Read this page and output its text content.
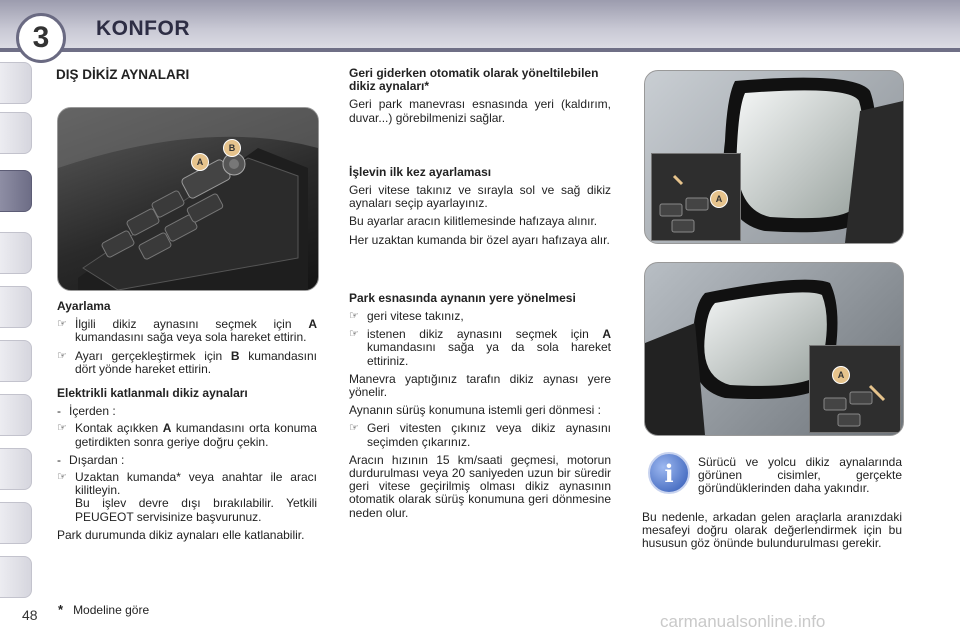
3 KONFOR
DIŞ DİKİZ AYNALARI
A
B
A
A
Ayarlama
☞ İlgili dikiz aynasını seçmek için A kumandasını sağa veya sola hareket ettirin.
☞ Ayarı gerçekleştirmek için B kumandasını dört yönde hareket ettirin.
Elektrikli katlanmalı dikiz aynaları
- İçerden :
☞ Kontak açıkken A kumandasını orta konuma getirdikten sonra geriye doğru çekin.
- Dışardan :
☞ Uzaktan kumanda* veya anahtar ile aracı kilitleyin.
Bu işlev devre dışı bırakılabilir. Yetkili PEUGEOT servisinize başvurunuz.

Park durumunda dikiz aynaları elle katlanabilir.

Geri giderken otomatik olarak yöneltilebilen dikiz aynaları*

Geri park manevrası esnasında yeri (kaldırım, duvar...) görebilmenizi sağlar.

İşlevin ilk kez ayarlaması

Geri vitese takınız ve sırayla sol ve sağ dikiz aynaları seçip ayarlayınız.

Bu ayarlar aracın kilitlemesinde hafızaya alınır.

Her uzaktan kumanda bir özel ayarı hafızaya alır.

Park esnasında aynanın yere yönelmesi
☞ geri vitese takınız,
☞ istenen dikiz aynasını seçmek için A kumandasını sağa ya da sola hareket ettiriniz.

Manevra yaptığınız tarafın dikiz aynası yere yönelir.

Aynanın sürüş konumuna istemli geri dönmesi :

☞ Geri vitesten çıkınız veya dikiz aynasını seçimden çıkarınız.

Aracın hızının 15 km/saati geçmesi, motorun durdurulması veya 20 saniyeden uzun bir süredir geri vitese geçirilmiş olması dikiz aynasının otomatik olarak sürüş konumuna geri dönmesine neden olur.

i	Sürücü ve yolcu dikiz aynalarında görünen cisimler, gerçekte göründüklerinden daha yakındır.
Bu nedenle, arkadan gelen araçlarla aranızdaki mesafeyi doğru olarak değerlendirmek için bu hususun göz önünde bulundurulması gerekir.
48 * Modeline göre
carmanualsonline.info
